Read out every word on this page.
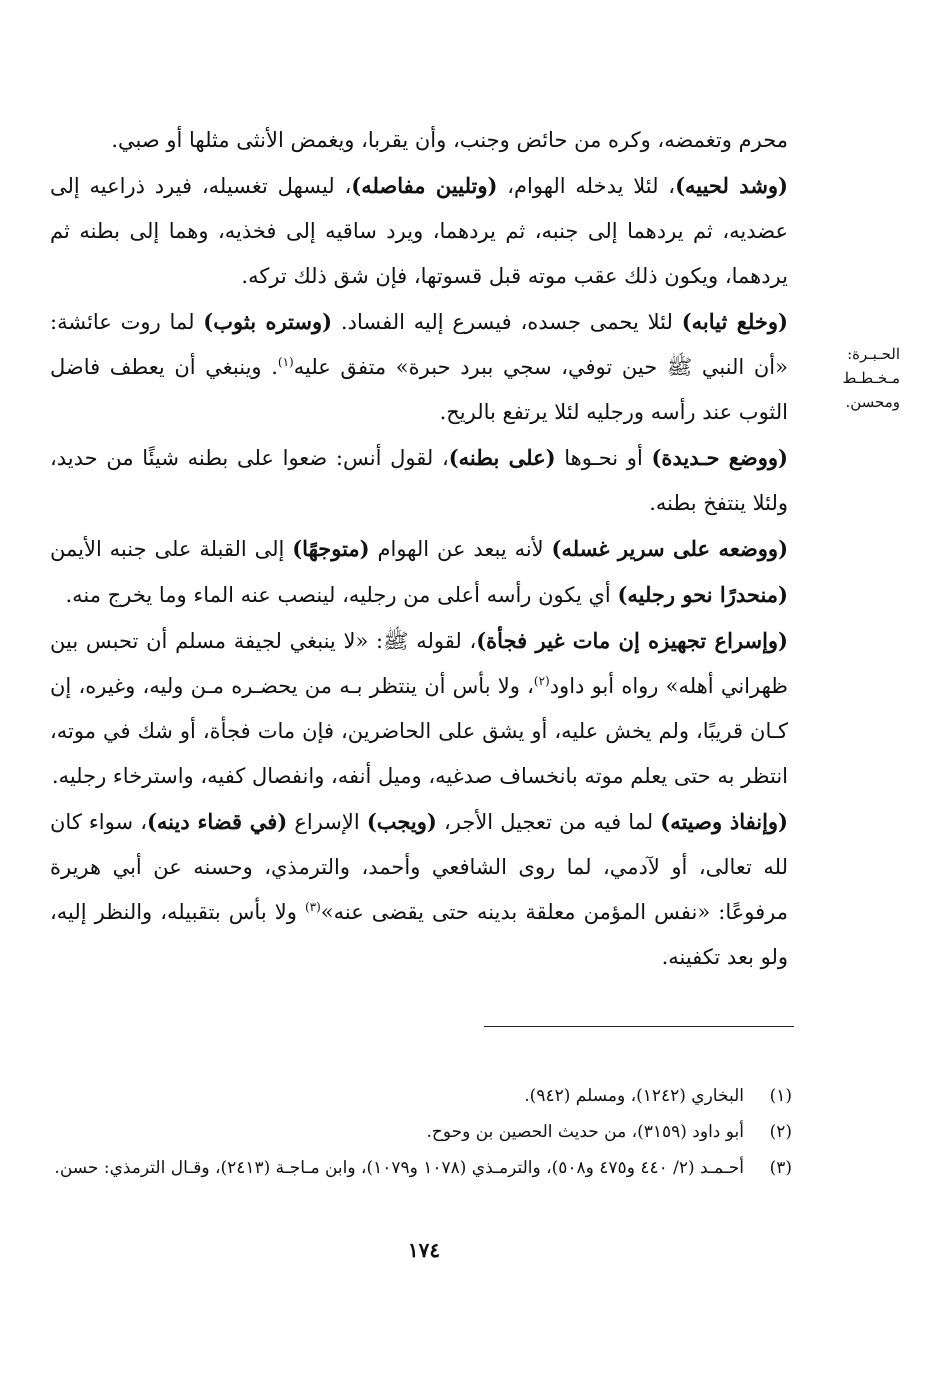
محرم وتغمضه، وكره من حائض وجنب، وأن يقربا، ويغمض الأنثى مثلها أو صبي.

(وشد لحييه)، لئلا يدخله الهوام، (وتليين مفاصله)، ليسهل تغسيله، فيرد ذراعيه إلى عضديه، ثم يردهما إلى جنبه، ثم يردهما، ويرد ساقيه إلى فخذيه، وهما إلى بطنه ثم يردهما، ويكون ذلك عقب موته قبل قسوتها، فإن شق ذلك تركه.

(وخلع ثيابه) لئلا يحمى جسده، فيسرع إليه الفساد. (وستره بثوب) لما روت عائشة: «أن النبي ﷺ حين توفي، سجي ببرد حبرة» متفق عليه$^{(١)}$. وينبغي أن يعطف فاضل الثوب عند رأسه ورجليه لئلا يرتفع بالريح.

(ووضع حـديدة) أو نحـوها (على بطنه)، لقول أنس: ضعوا على بطنه شيئًا من حديد، ولئلا ينتفخ بطنه.

(ووضعه على سرير غسله) لأنه يبعد عن الهوام (متوجهًا) إلى القبلة على جنبه الأيمن (منحدرًا نحو رجليه) أي يكون رأسه أعلى من رجليه، لينصب عنه الماء وما يخرج منه.

(وإسراع تجهيزه إن مات غير فجأة)، لقوله ﷺ: «لا ينبغي لجيفة مسلم أن تحبس بين ظهراني أهله» رواه أبو داود$^{(٢)}$، ولا بأس أن ينتظر بـه من يحضـره مـن وليه، وغيره، إن كـان قريبًا، ولم يخش عليه، أو يشق على الحاضرين، فإن مات فجأة، أو شك في موته، انتظر به حتى يعلم موته بانخساف صدغيه، وميل أنفه، وانفصال كفيه، واسترخاء رجليه.

(وإنفاذ وصيته) لما فيه من تعجيل الأجر، (ويجب) الإسراع (في قضاء دينه)، سواء كان لله تعالى، أو لآدمي، لما روى الشافعي وأحمد، والترمذي، وحسنه عن أبي هريرة مرفوعًا: «نفس المؤمن معلقة بدينه حتى يقضى عنه»$^{(٣)}$ ولا بأس بتقبيله، والنظر إليه، ولو بعد تكفينه.

الحـبـرة:
مـخـطـط
ومحسن.
(١)
البخاري (١٢٤٢)، ومسلم (٩٤٢).
(٢)
أبو داود (٣١٥٩)، من حديث الحصين بن وحوح.
(٣)
أحـمـد (٢/ ٤٤٠ و٤٧٥ و٥٠٨)، والترمـذي (١٠٧٨ و١٠٧٩)، وابن مـاجـة (٢٤١٣)، وقـال الترمذي: حسن.
١٧٤
